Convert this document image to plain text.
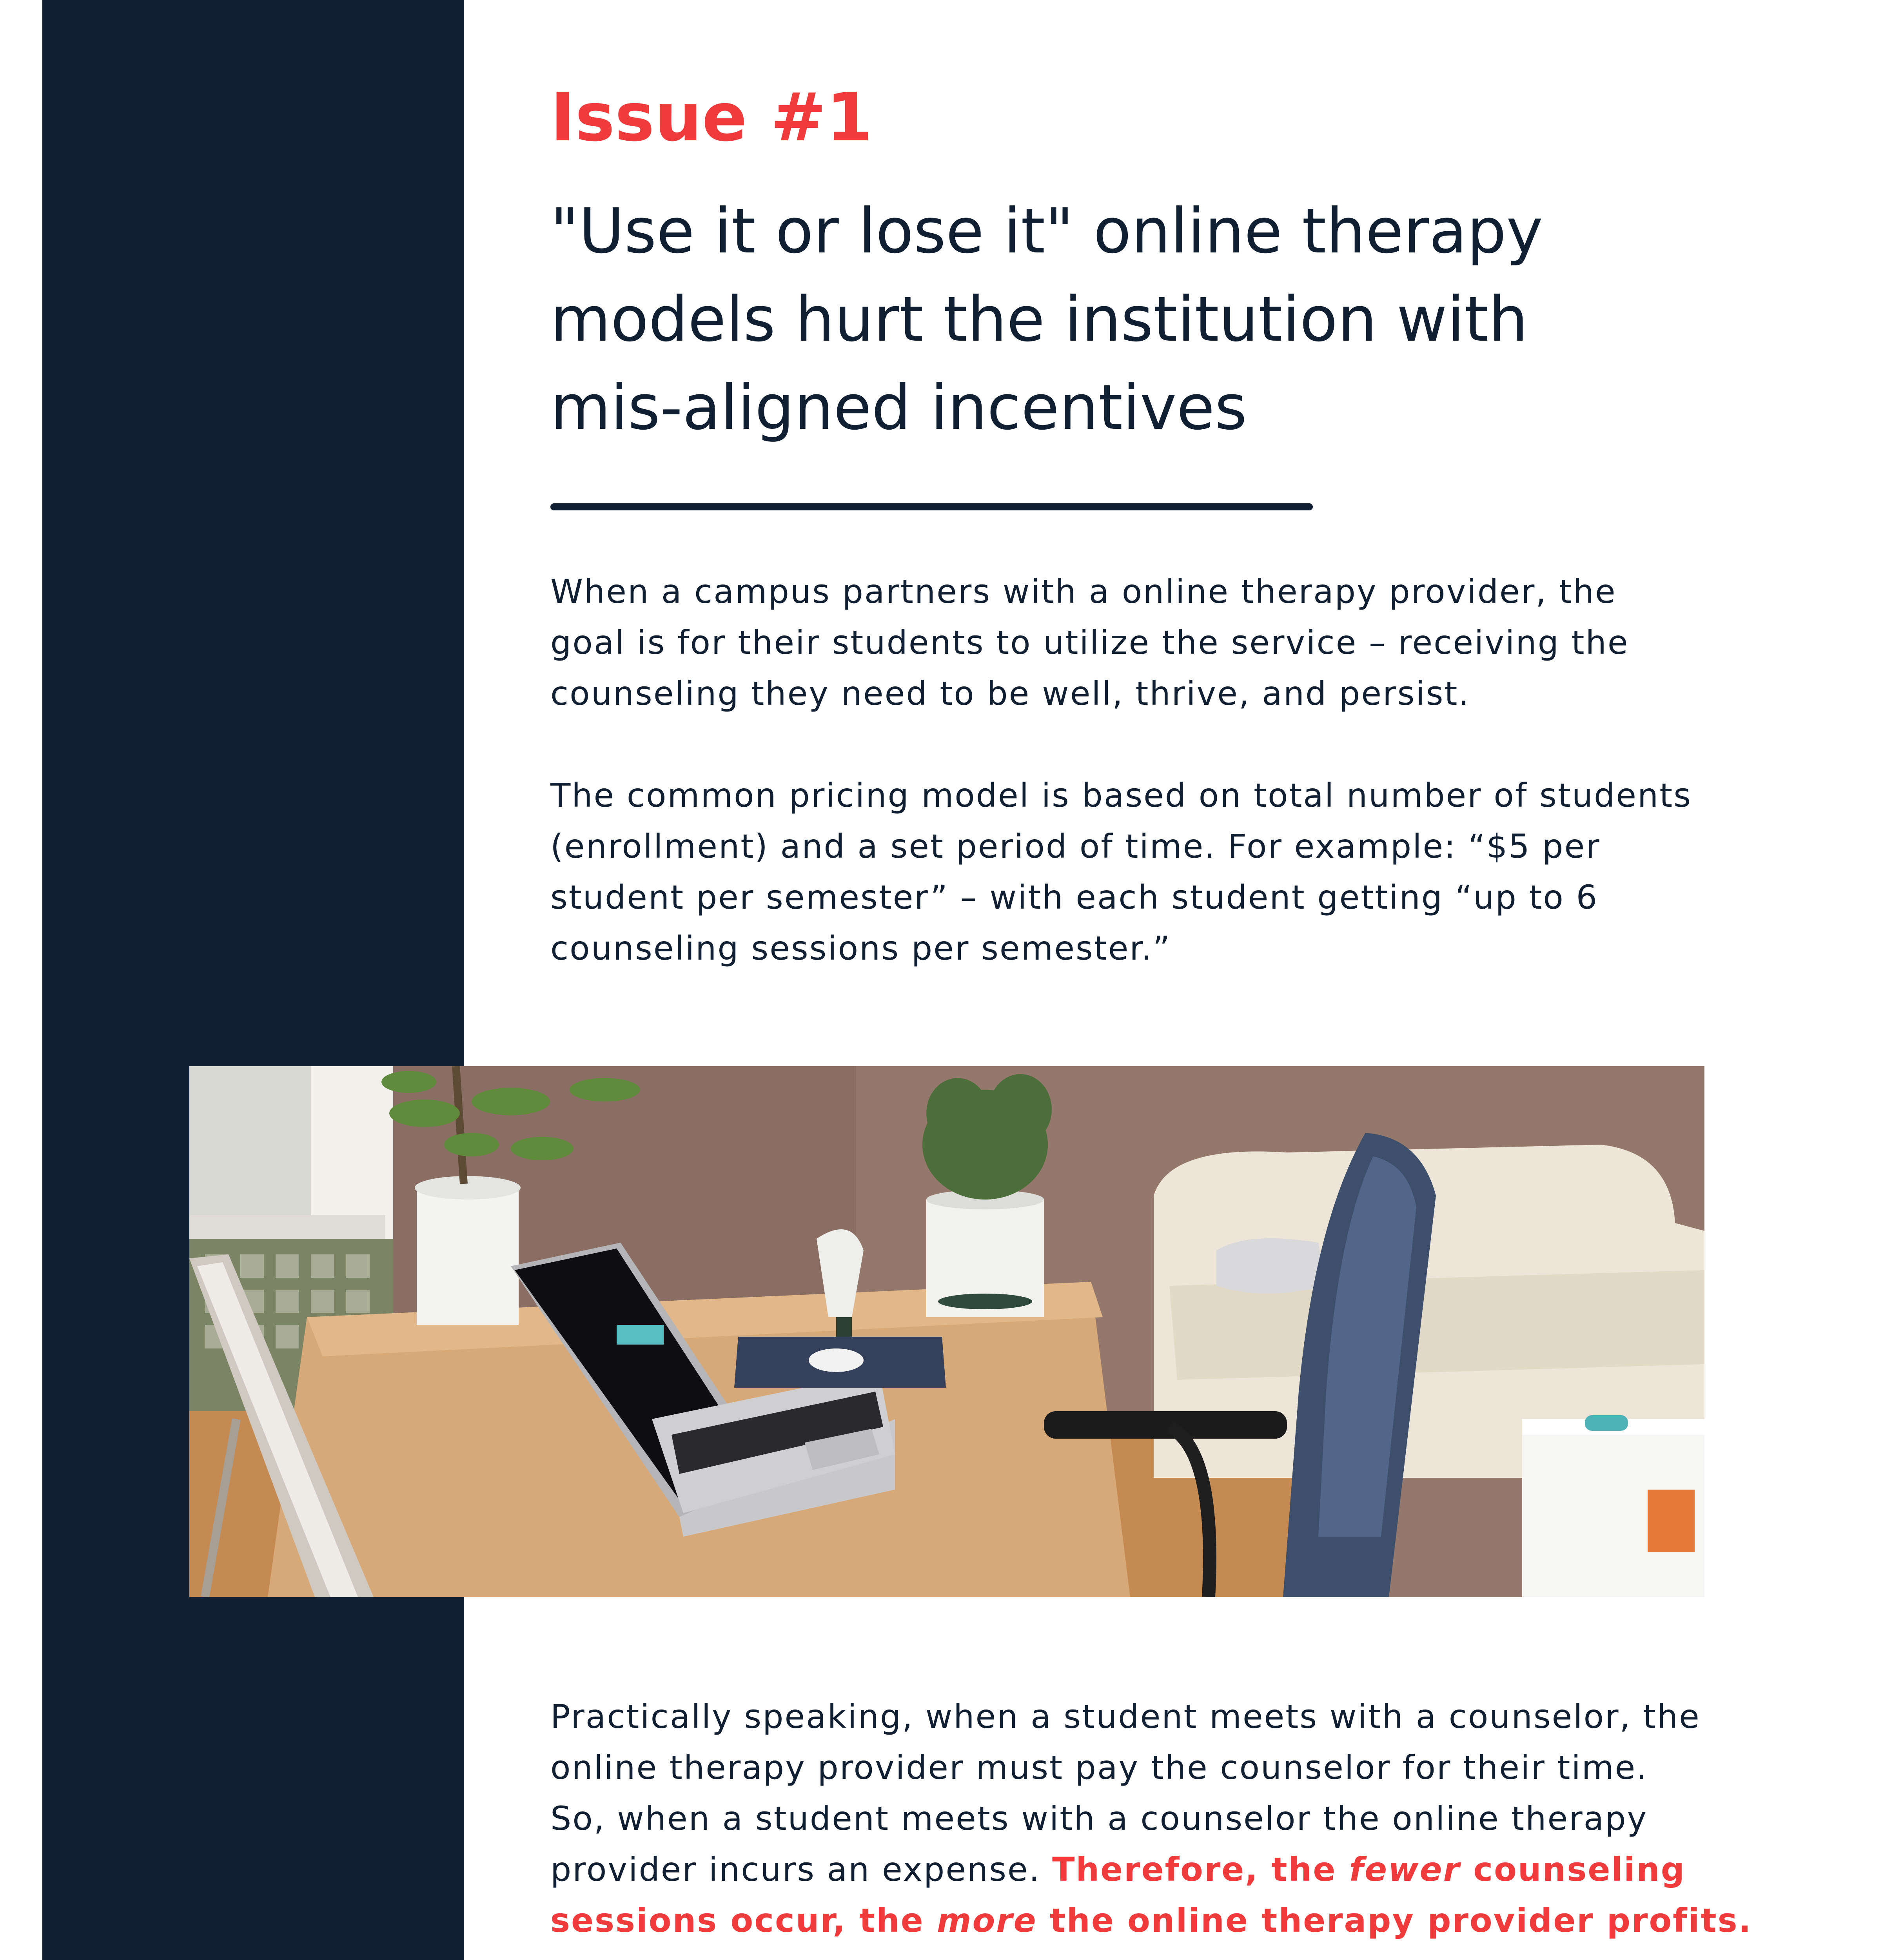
Issue #1
"Use it or lose it" online therapy
models hurt the institution with
mis-aligned incentives

When a campus partners with a online therapy provider, the
goal is for their students to utilize the service – receiving the
counseling they need to be well, thrive, and persist.

The common pricing model is based on total number of students
(enrollment) and a set period of time. For example: “$5 per
student per semester” – with each student getting “up to 6
counseling sessions per semester.”

Practically speaking, when a student meets with a counselor, the
online therapy provider must pay the counselor for their time.
So, when a student meets with a counselor the online therapy
provider incurs an expense. Therefore, the fewer counseling
sessions occur, the more the online therapy provider profits.
